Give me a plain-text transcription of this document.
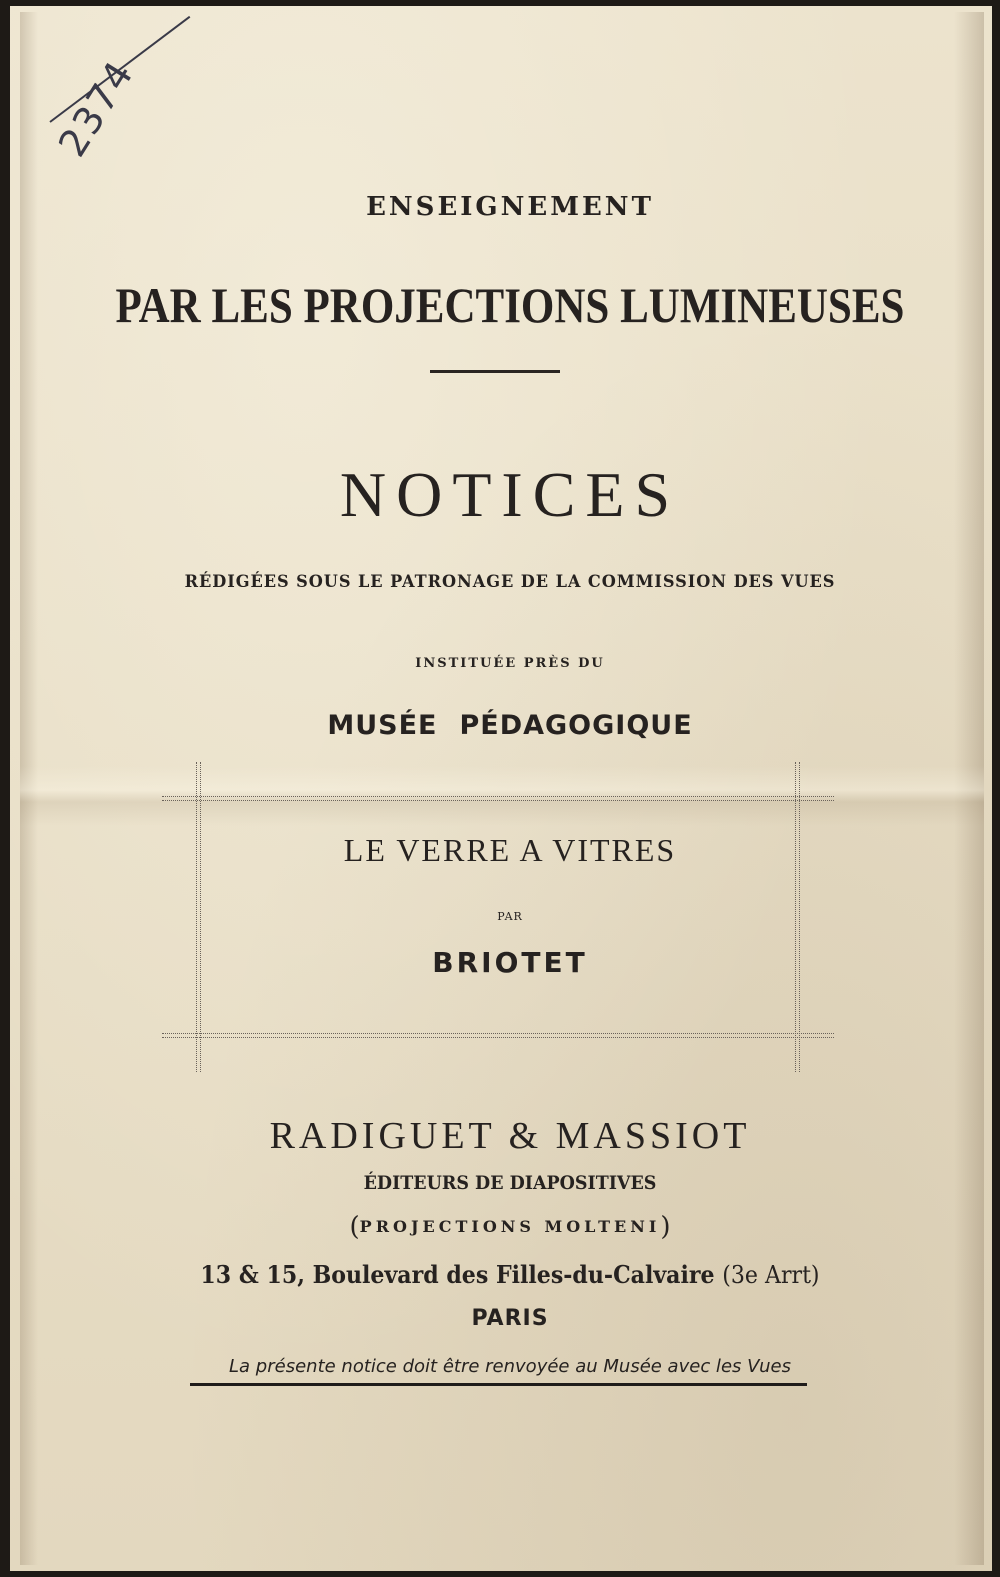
2374
ENSEIGNEMENT
PAR LES PROJECTIONS LUMINEUSES
NOTICES
RÉDIGÉES SOUS LE PATRONAGE DE LA COMMISSION DES VUES
INSTITUÉE PRÈS DU
MUSÉE PÉDAGOGIQUE
LE VERRE A VITRES
PAR
BRIOTET
RADIGUET & MASSIOT
ÉDITEURS DE DIAPOSITIVES
(PROJECTIONS MOLTENI)
13 & 15, Boulevard des Filles-du-Calvaire (3e Arrt)
PARIS
La présente notice doit être renvoyée au Musée avec les Vues
